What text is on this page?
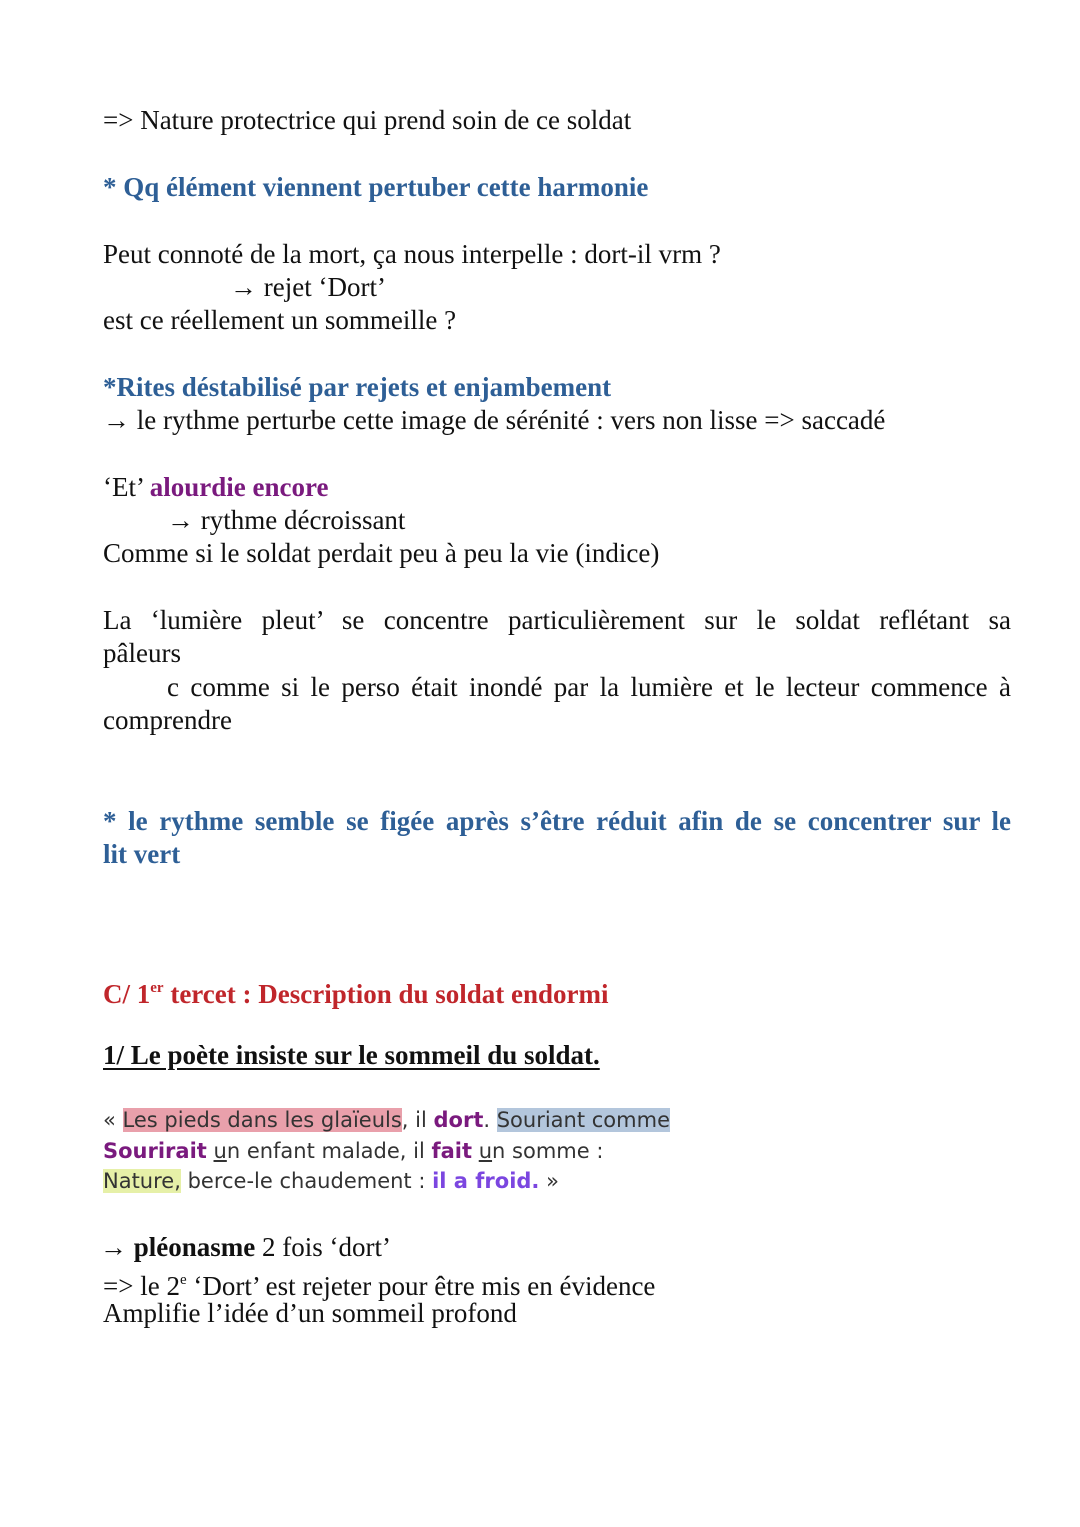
=> Nature protectrice qui prend soin de ce soldat
* Qq élément viennent pertuber cette harmonie
Peut connoté de la mort, ça nous interpelle : dort-il vrm ?
→ rejet ‘Dort’
est ce réellement un sommeille ?
*Rites déstabilisé par rejets et enjambement
→ le rythme perturbe cette image de sérénité : vers non lisse => saccadé
‘Et’ alourdie encore
→ rythme décroissant
Comme si le soldat perdait peu à peu la vie (indice)
La ‘lumière pleut’ se concentre particulièrement sur le soldat reflétant sa
pâleurs
c comme si le perso était inondé par la lumière et le lecteur commence à
comprendre
* le rythme semble se figée après s’être réduit afin de se concentrer sur le
lit vert
C/ 1er tercet : Description du soldat endormi
1/ Le poète insiste sur le sommeil du soldat.
« Les pieds dans les glaïeuls, il dort. Souriant comme
Sourirait un enfant malade, il fait un somme :
Nature, berce-le chaudement : il a froid. »
→ pléonasme 2 fois ‘dort’
=> le 2e ‘Dort’ est rejeter pour être mis en évidence
Amplifie l’idée d’un sommeil profond
